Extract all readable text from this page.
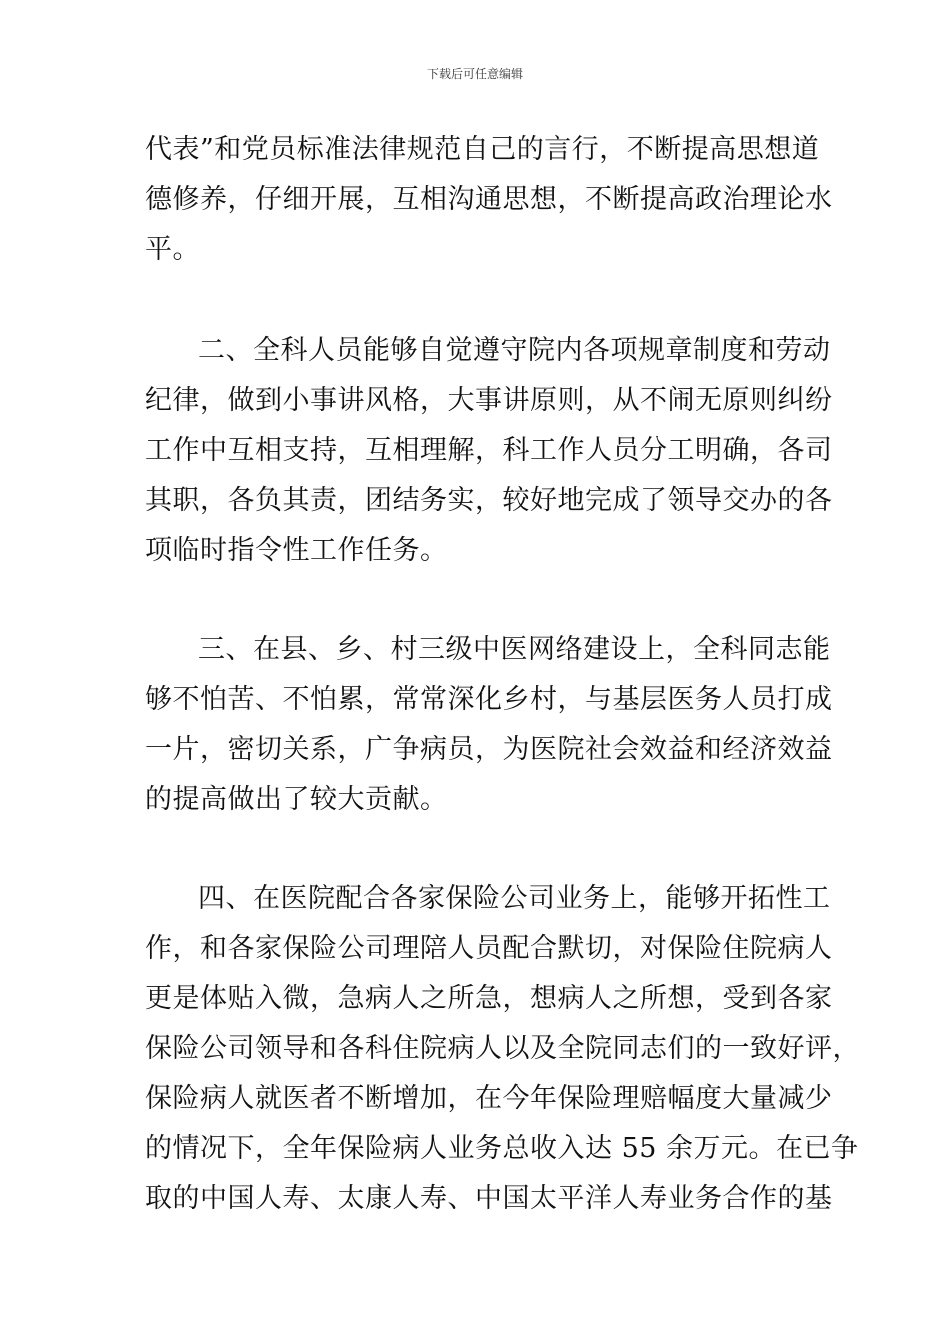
下载后可任意编辑
代表”和党员标准法律规范自己的言行，不断提高思想道
德修养，仔细开展，互相沟通思想，不断提高政治理论水
平。
二、全科人员能够自觉遵守院内各项规章制度和劳动
纪律，做到小事讲风格，大事讲原则，从不闹无原则纠纷
工作中互相支持，互相理解，科工作人员分工明确，各司
其职，各负其责，团结务实，较好地完成了领导交办的各
项临时指令性工作任务。
三、在县、乡、村三级中医网络建设上，全科同志能
够不怕苦、不怕累，常常深化乡村，与基层医务人员打成
一片，密切关系，广争病员，为医院社会效益和经济效益
的提高做出了较大贡献。
四、在医院配合各家保险公司业务上，能够开拓性工
作，和各家保险公司理陪人员配合默切，对保险住院病人
更是体贴入微，急病人之所急，想病人之所想，受到各家
保险公司领导和各科住院病人以及全院同志们的一致好评，
保险病人就医者不断增加，在今年保险理赔幅度大量减少
的情况下，全年保险病人业务总收入达 55 余万元。在已争
取的中国人寿、太康人寿、中国太平洋人寿业务合作的基
